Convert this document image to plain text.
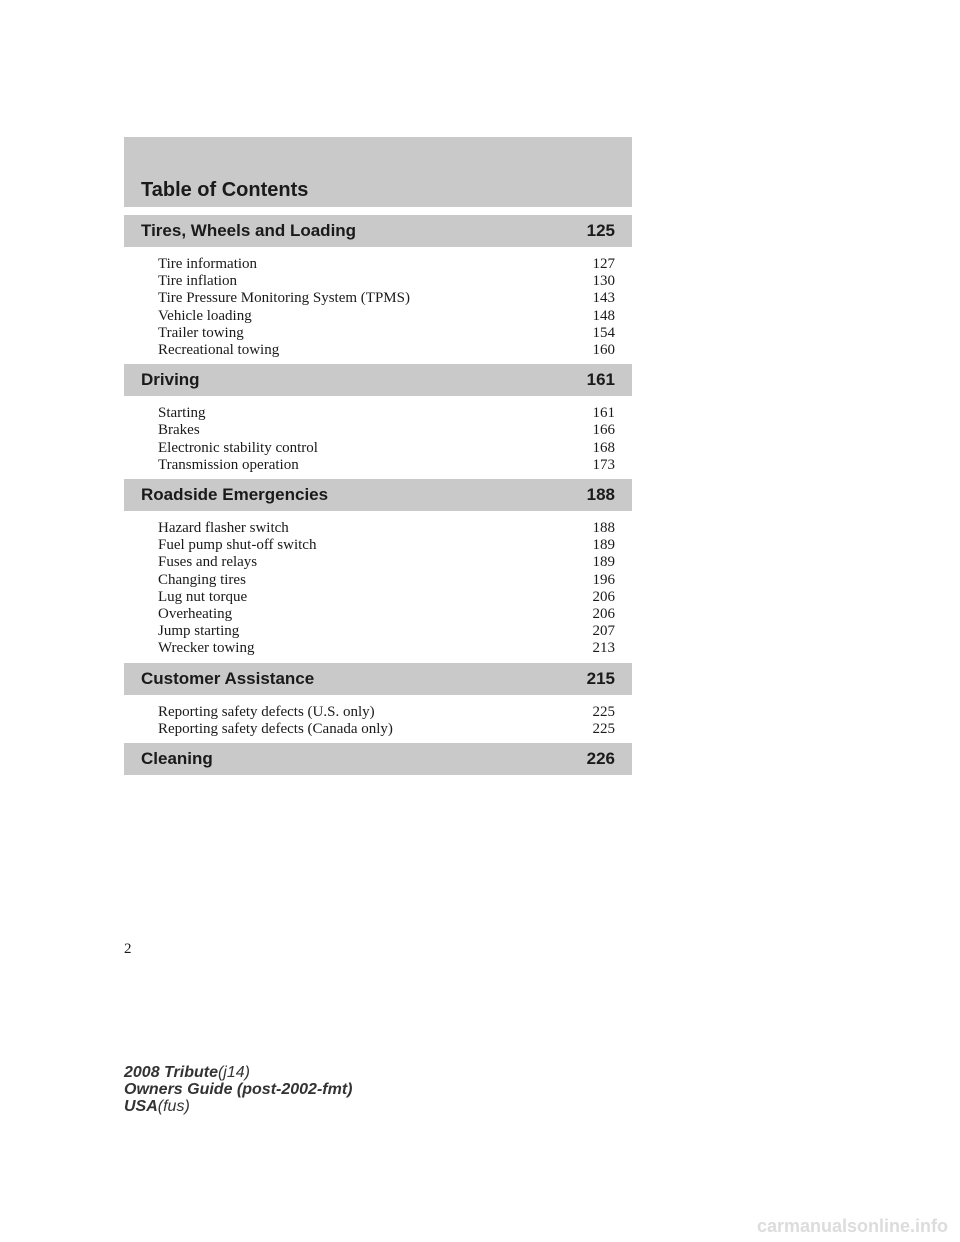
Table of Contents
Tires, Wheels and Loading	125
Tire information	127
Tire inflation	130
Tire Pressure Monitoring System (TPMS)	143
Vehicle loading	148
Trailer towing	154
Recreational towing	160
Driving	161
Starting	161
Brakes	166
Electronic stability control	168
Transmission operation	173
Roadside Emergencies	188
Hazard flasher switch	188
Fuel pump shut-off switch	189
Fuses and relays	189
Changing tires	196
Lug nut torque	206
Overheating	206
Jump starting	207
Wrecker towing	213
Customer Assistance	215
Reporting safety defects (U.S. only)	225
Reporting safety defects (Canada only)	225
Cleaning	226
2
2008 Tribute(j14)
Owners Guide (post-2002-fmt)
USA(fus)
carmanualsonline.info
